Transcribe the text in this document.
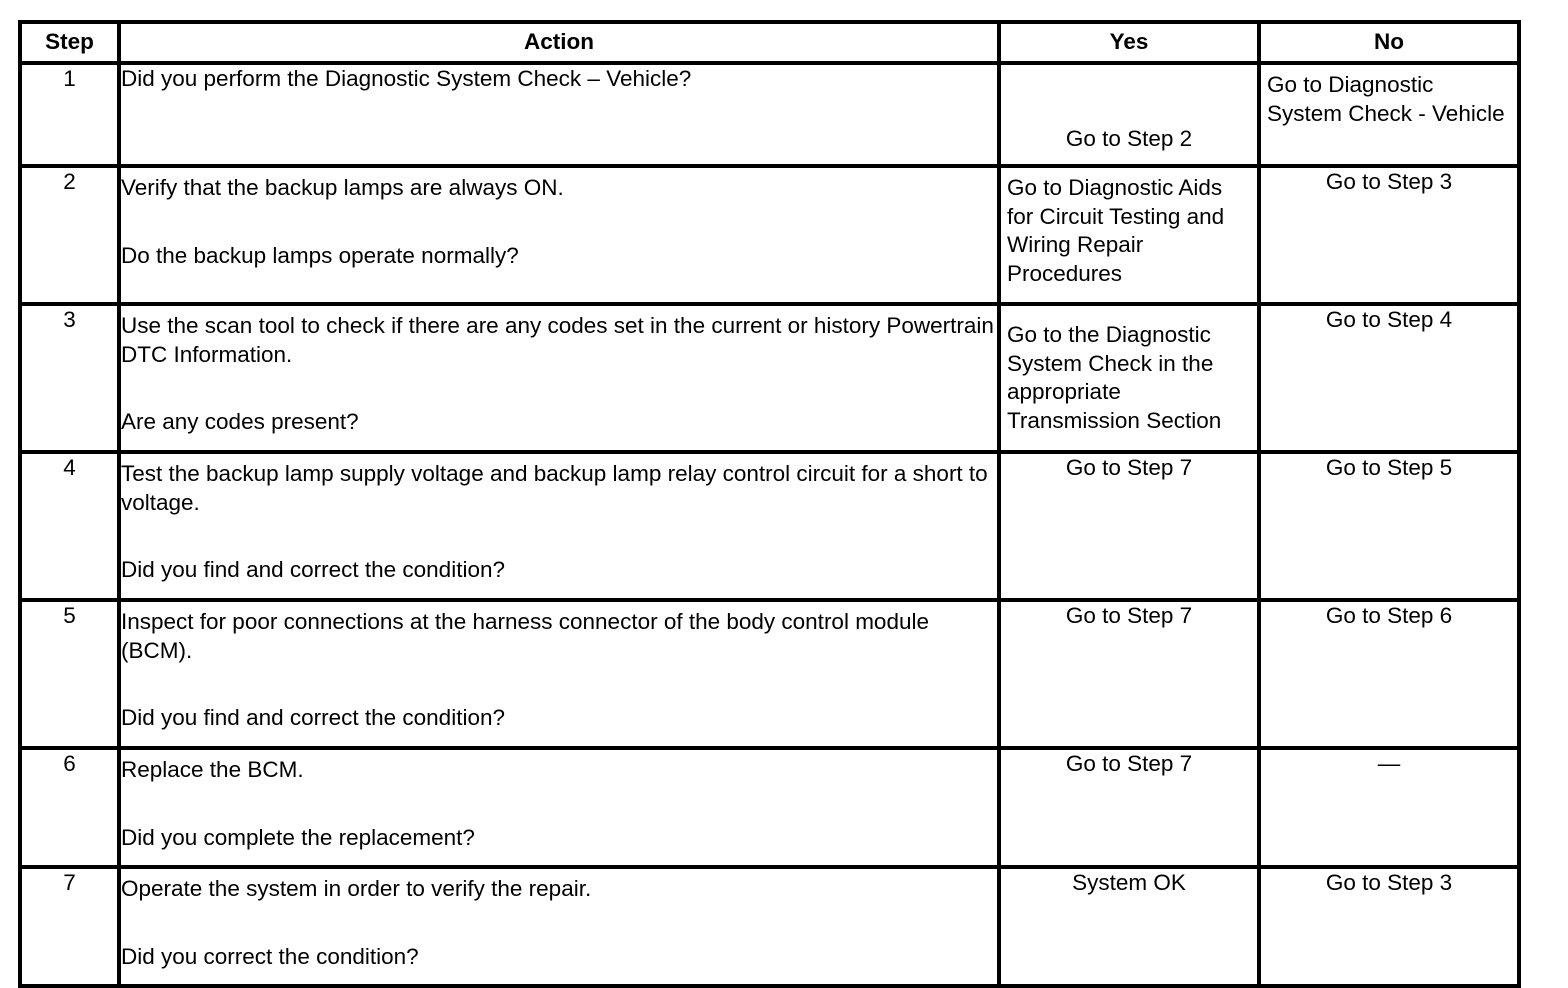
Step	Action	Yes	No
1	Did you perform the Diagnostic System Check – Vehicle?	Go to Step 2	Go to Diagnostic System Check - Vehicle

2	Verify that the backup lamps are always ON.
Do the backup lamps operate normally?	Go to Diagnostic Aids for Circuit Testing and Wiring Repair Procedures	Go to Step 3

3	Use the scan tool to check if there are any codes set in the current or history Powertrain DTC Information.
Are any codes present?	Go to the Diagnostic System Check in the appropriate Transmission Section	Go to Step 4

4	Test the backup lamp supply voltage and backup lamp relay control circuit for a short to voltage.
Did you find and correct the condition?	Go to Step 7	Go to Step 5

5	Inspect for poor connections at the harness connector of the body control module (BCM).
Did you find and correct the condition?	Go to Step 7	Go to Step 6

6	Replace the BCM.
Did you complete the replacement?	Go to Step 7	—

7	Operate the system in order to verify the repair.
Did you correct the condition?	System OK	Go to Step 3
